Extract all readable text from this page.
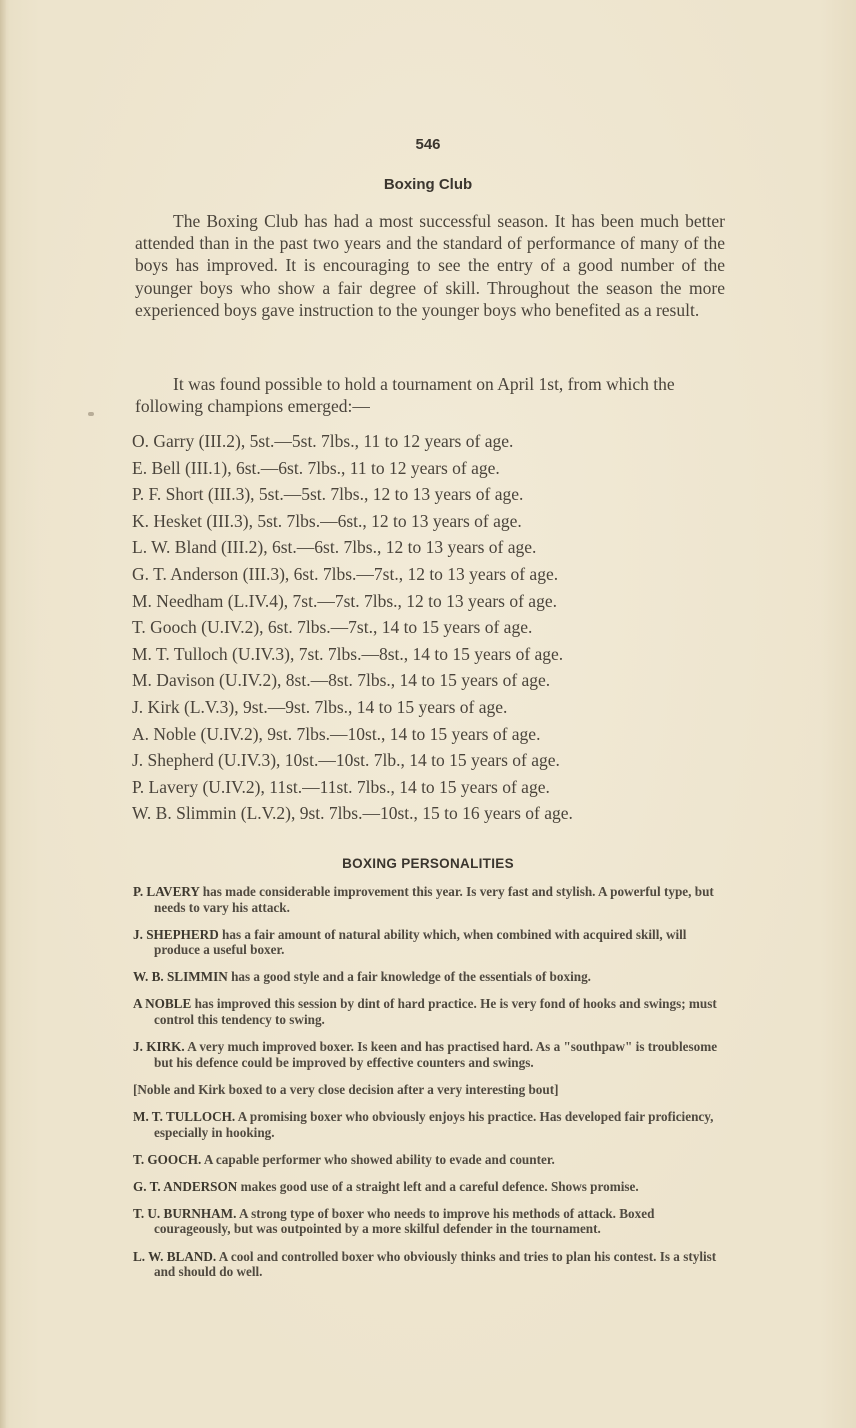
546
Boxing Club

The Boxing Club has had a most successful season. It has been much better attended than in the past two years and the standard of performance of many of the boys has improved. It is encouraging to see the entry of a good number of the younger boys who show a fair degree of skill. Throughout the season the more experienced boys gave instruction to the younger boys who benefited as a result.

It was found possible to hold a tournament on April 1st, from which the following champions emerged:—

O. Garry (III.2), 5st.—5st. 7lbs., 11 to 12 years of age.
E. Bell (III.1), 6st.—6st. 7lbs., 11 to 12 years of age.
P. F. Short (III.3), 5st.—5st. 7lbs., 12 to 13 years of age.
K. Hesket (III.3), 5st. 7lbs.—6st., 12 to 13 years of age.
L. W. Bland (III.2), 6st.—6st. 7lbs., 12 to 13 years of age.
G. T. Anderson (III.3), 6st. 7lbs.—7st., 12 to 13 years of age.
M. Needham (L.IV.4), 7st.—7st. 7lbs., 12 to 13 years of age.
T. Gooch (U.IV.2), 6st. 7lbs.—7st., 14 to 15 years of age.
M. T. Tulloch (U.IV.3), 7st. 7lbs.—8st., 14 to 15 years of age.
M. Davison (U.IV.2), 8st.—8st. 7lbs., 14 to 15 years of age.
J. Kirk (L.V.3), 9st.—9st. 7lbs., 14 to 15 years of age.
A. Noble (U.IV.2), 9st. 7lbs.—10st., 14 to 15 years of age.
J. Shepherd (U.IV.3), 10st.—10st. 7lb., 14 to 15 years of age.
P. Lavery (U.IV.2), 11st.—11st. 7lbs., 14 to 15 years of age.
W. B. Slimmin (L.V.2), 9st. 7lbs.—10st., 15 to 16 years of age.
BOXING PERSONALITIES
P. LAVERY has made considerable improvement this year. Is very fast and stylish. A powerful type, but needs to vary his attack.
J. SHEPHERD has a fair amount of natural ability which, when combined with acquired skill, will produce a useful boxer.
W. B. SLIMMIN has a good style and a fair knowledge of the essentials of boxing.
A NOBLE has improved this session by dint of hard practice. He is very fond of hooks and swings; must control this tendency to swing.
J. KIRK. A very much improved boxer. Is keen and has practised hard. As a "southpaw" is troublesome but his defence could be improved by effective counters and swings.
[Noble and Kirk boxed to a very close decision after a very interesting bout]
M. T. TULLOCH. A promising boxer who obviously enjoys his practice. Has developed fair proficiency, especially in hooking.
T. GOOCH. A capable performer who showed ability to evade and counter.
G. T. ANDERSON makes good use of a straight left and a careful defence. Shows promise.
T. U. BURNHAM. A strong type of boxer who needs to improve his methods of attack. Boxed courageously, but was outpointed by a more skilful defender in the tournament.
L. W. BLAND. A cool and controlled boxer who obviously thinks and tries to plan his contest. Is a stylist and should do well.
